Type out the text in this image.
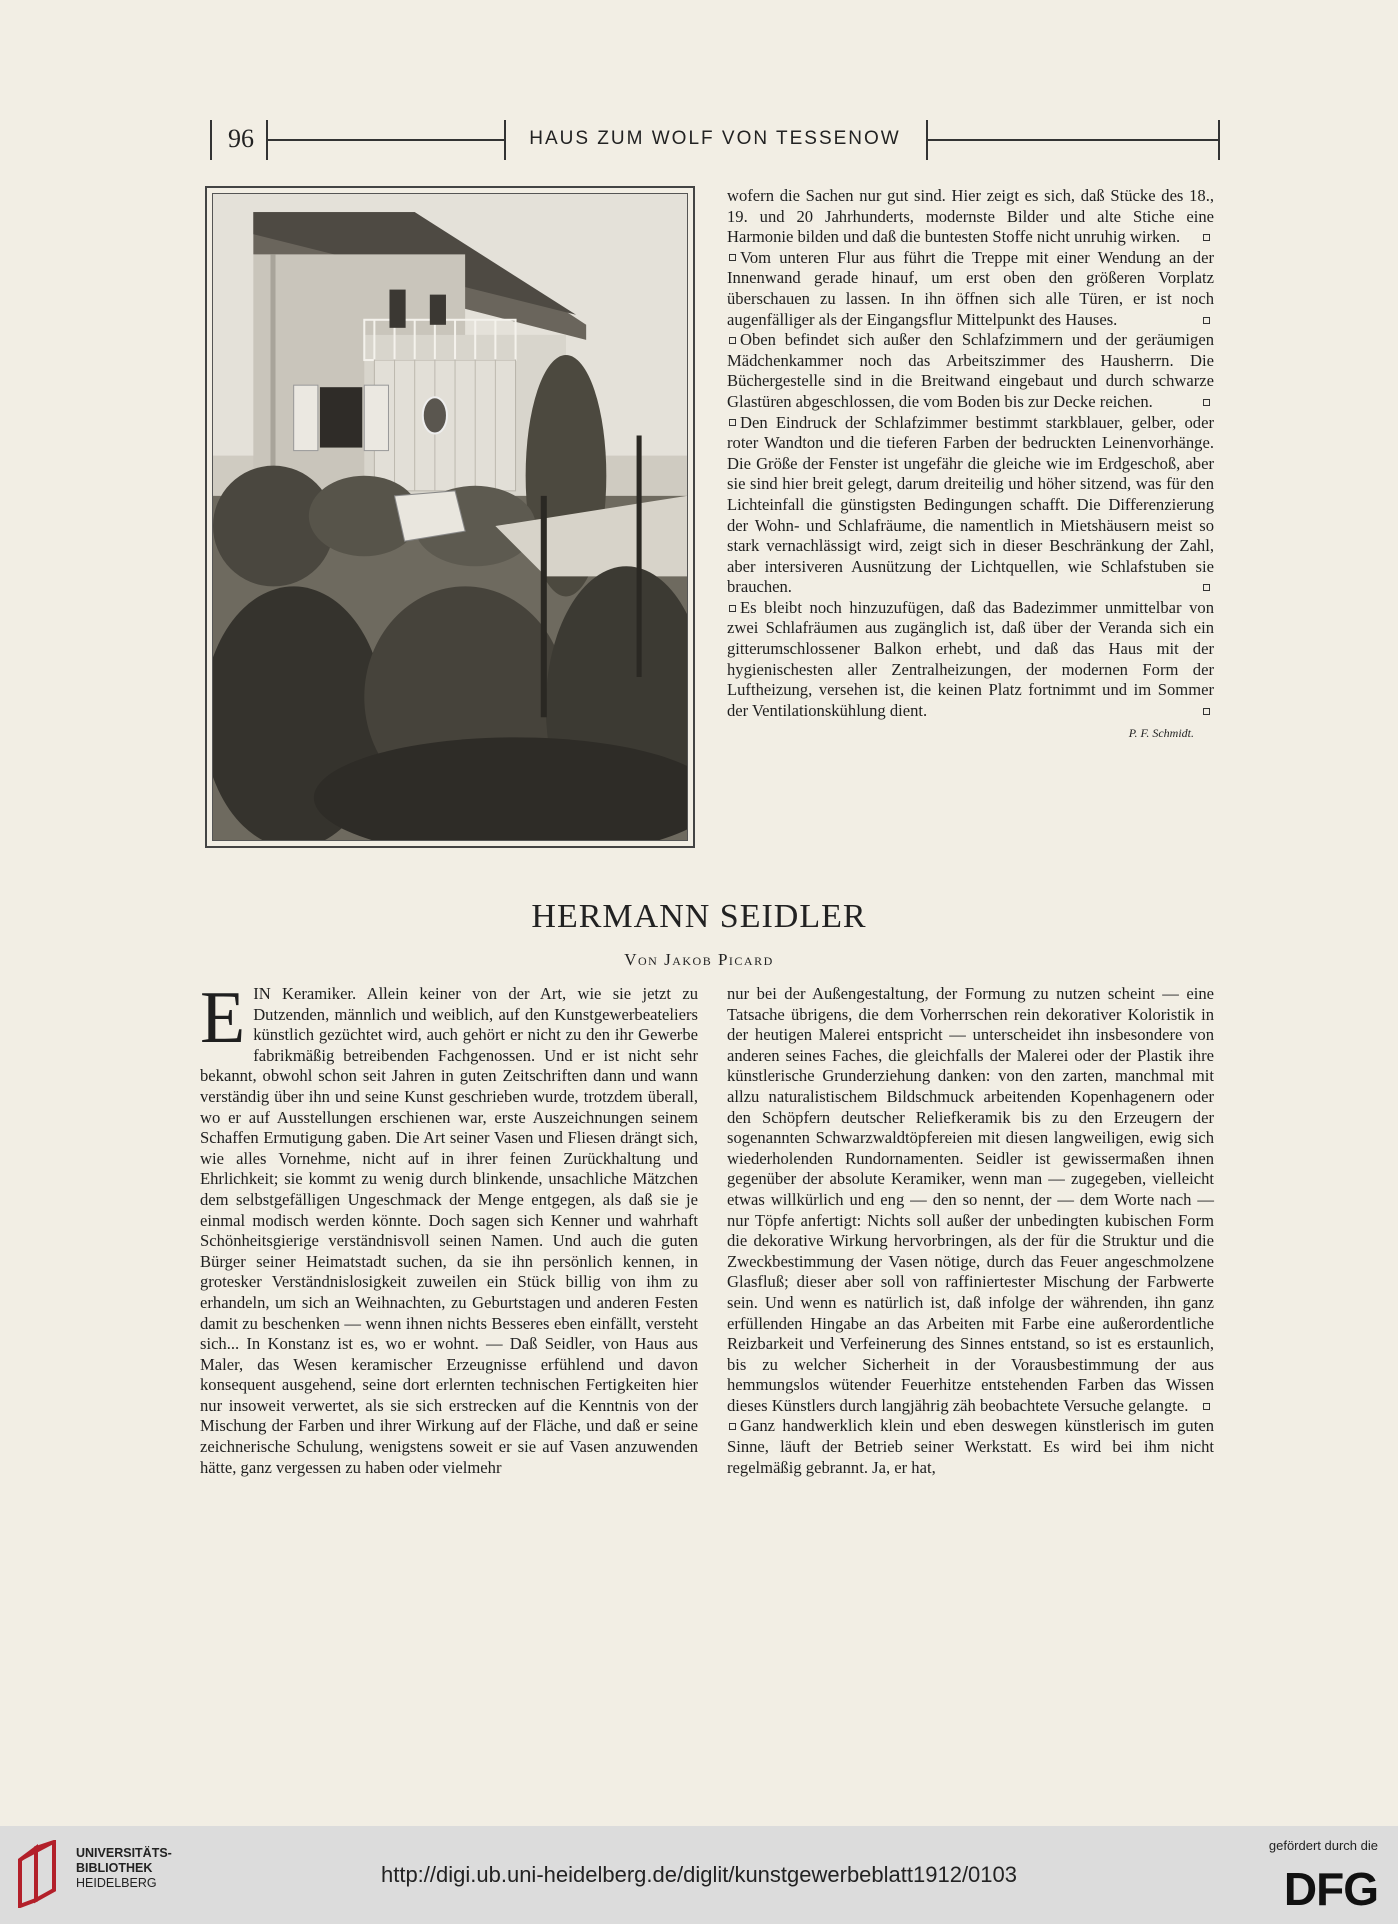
96	HAUS ZUM WOLF VON TESSENOW

wofern die Sachen nur gut sind. Hier zeigt es sich, daß Stücke des 18., 19. und 20 Jahrhunderts, modernste Bilder und alte Stiche eine Harmonie bilden und daß die buntesten Stoffe nicht unruhig wirken.

Vom unteren Flur aus führt die Treppe mit einer Wendung an der Innenwand gerade hinauf, um erst oben den größeren Vorplatz überschauen zu lassen. In ihn öffnen sich alle Türen, er ist noch augenfälliger als der Eingangsflur Mittelpunkt des Hauses.

Oben befindet sich außer den Schlafzimmern und der geräumigen Mädchenkammer noch das Arbeitszimmer des Hausherrn. Die Büchergestelle sind in die Breitwand eingebaut und durch schwarze Glastüren abgeschlossen, die vom Boden bis zur Decke reichen.

Den Eindruck der Schlafzimmer bestimmt starkblauer, gelber, oder roter Wandton und die tieferen Farben der bedruckten Leinenvorhänge. Die Größe der Fenster ist ungefähr die gleiche wie im Erdgeschoß, aber sie sind hier breit gelegt, darum dreiteilig und höher sitzend, was für den Lichteinfall die günstigsten Bedingungen schafft. Die Differenzierung der Wohn- und Schlafräume, die namentlich in Mietshäusern meist so stark vernachlässigt wird, zeigt sich in dieser Beschränkung der Zahl, aber intersiveren Ausnützung der Lichtquellen, wie Schlafstuben sie brauchen.

Es bleibt noch hinzuzufügen, daß das Badezimmer unmittelbar von zwei Schlafräumen aus zugänglich ist, daß über der Veranda sich ein gitterumschlossener Balkon erhebt, und daß das Haus mit der hygienischesten aller Zentralheizungen, der modernen Form der Luftheizung, versehen ist, die keinen Platz fortnimmt und im Sommer der Ventilationskühlung dient.

P. F. Schmidt.
HERMANN SEIDLER
Von Jakob Picard
E IN Keramiker. Allein keiner von der Art, wie sie jetzt zu Dutzenden, männlich und weiblich, auf den Kunstgewerbeateliers künstlich gezüchtet wird, auch gehört er nicht zu den ihr Gewerbe fabrikmäßig betreibenden Fachgenossen. Und er ist nicht sehr bekannt, obwohl schon seit Jahren in guten Zeitschriften dann und wann verständig über ihn und seine Kunst geschrieben wurde, trotzdem überall, wo er auf Ausstellungen erschienen war, erste Auszeichnungen seinem Schaffen Ermutigung gaben. Die Art seiner Vasen und Fliesen drängt sich, wie alles Vornehme, nicht auf in ihrer feinen Zurückhaltung und Ehrlichkeit; sie kommt zu wenig durch blinkende, unsachliche Mätzchen dem selbstgefälligen Ungeschmack der Menge entgegen, als daß sie je einmal modisch werden könnte. Doch sagen sich Kenner und wahrhaft Schönheitsgierige verständnisvoll seinen Namen. Und auch die guten Bürger seiner Heimatstadt suchen, da sie ihn persönlich kennen, in grotesker Verständnislosigkeit zuweilen ein Stück billig von ihm zu erhandeln, um sich an Weihnachten, zu Geburtstagen und anderen Festen damit zu beschenken — wenn ihnen nichts Besseres eben einfällt, versteht sich... In Konstanz ist es, wo er wohnt. — Daß Seidler, von Haus aus Maler, das Wesen keramischer Erzeugnisse erfühlend und davon konsequent ausgehend, seine dort erlernten technischen Fertigkeiten hier nur insoweit verwertet, als sie sich erstrecken auf die Kenntnis von der Mischung der Farben und ihrer Wirkung auf der Fläche, und daß er seine zeichnerische Schulung, wenigstens soweit er sie auf Vasen anzuwenden hätte, ganz vergessen zu haben oder vielmehr

nur bei der Außengestaltung, der Formung zu nutzen scheint — eine Tatsache übrigens, die dem Vorherrschen rein dekorativer Koloristik in der heutigen Malerei entspricht — unterscheidet ihn insbesondere von anderen seines Faches, die gleichfalls der Malerei oder der Plastik ihre künstlerische Grunderziehung danken: von den zarten, manchmal mit allzu naturalistischem Bildschmuck arbeitenden Kopenhagenern oder den Schöpfern deutscher Reliefkeramik bis zu den Erzeugern der sogenannten Schwarzwaldtöpfereien mit diesen langweiligen, ewig sich wiederholenden Rundornamenten. Seidler ist gewissermaßen ihnen gegenüber der absolute Keramiker, wenn man — zugegeben, vielleicht etwas willkürlich und eng — den so nennt, der — dem Worte nach — nur Töpfe anfertigt: Nichts soll außer der unbedingten kubischen Form die dekorative Wirkung hervorbringen, als der für die Struktur und die Zweckbestimmung der Vasen nötige, durch das Feuer angeschmolzene Glasfluß; dieser aber soll von raffiniertester Mischung der Farbwerte sein. Und wenn es natürlich ist, daß infolge der währenden, ihn ganz erfüllenden Hingabe an das Arbeiten mit Farbe eine außerordentliche Reizbarkeit und Verfeinerung des Sinnes entstand, so ist es erstaunlich, bis zu welcher Sicherheit in der Vorausbestimmung der aus hemmungslos wütender Feuerhitze entstehenden Farben das Wissen dieses Künstlers durch langjährig zäh beobachtete Versuche gelangte.

Ganz handwerklich klein und eben deswegen künstlerisch im guten Sinne, läuft der Betrieb seiner Werkstatt. Es wird bei ihm nicht regelmäßig gebrannt. Ja, er hat,

UNIVERSITÄTS-
BIBLIOTHEK
HEIDELBERG	http://digi.ub.uni-heidelberg.de/diglit/kunstgewerbeblatt1912/0103
gefördert durch die
DFG
